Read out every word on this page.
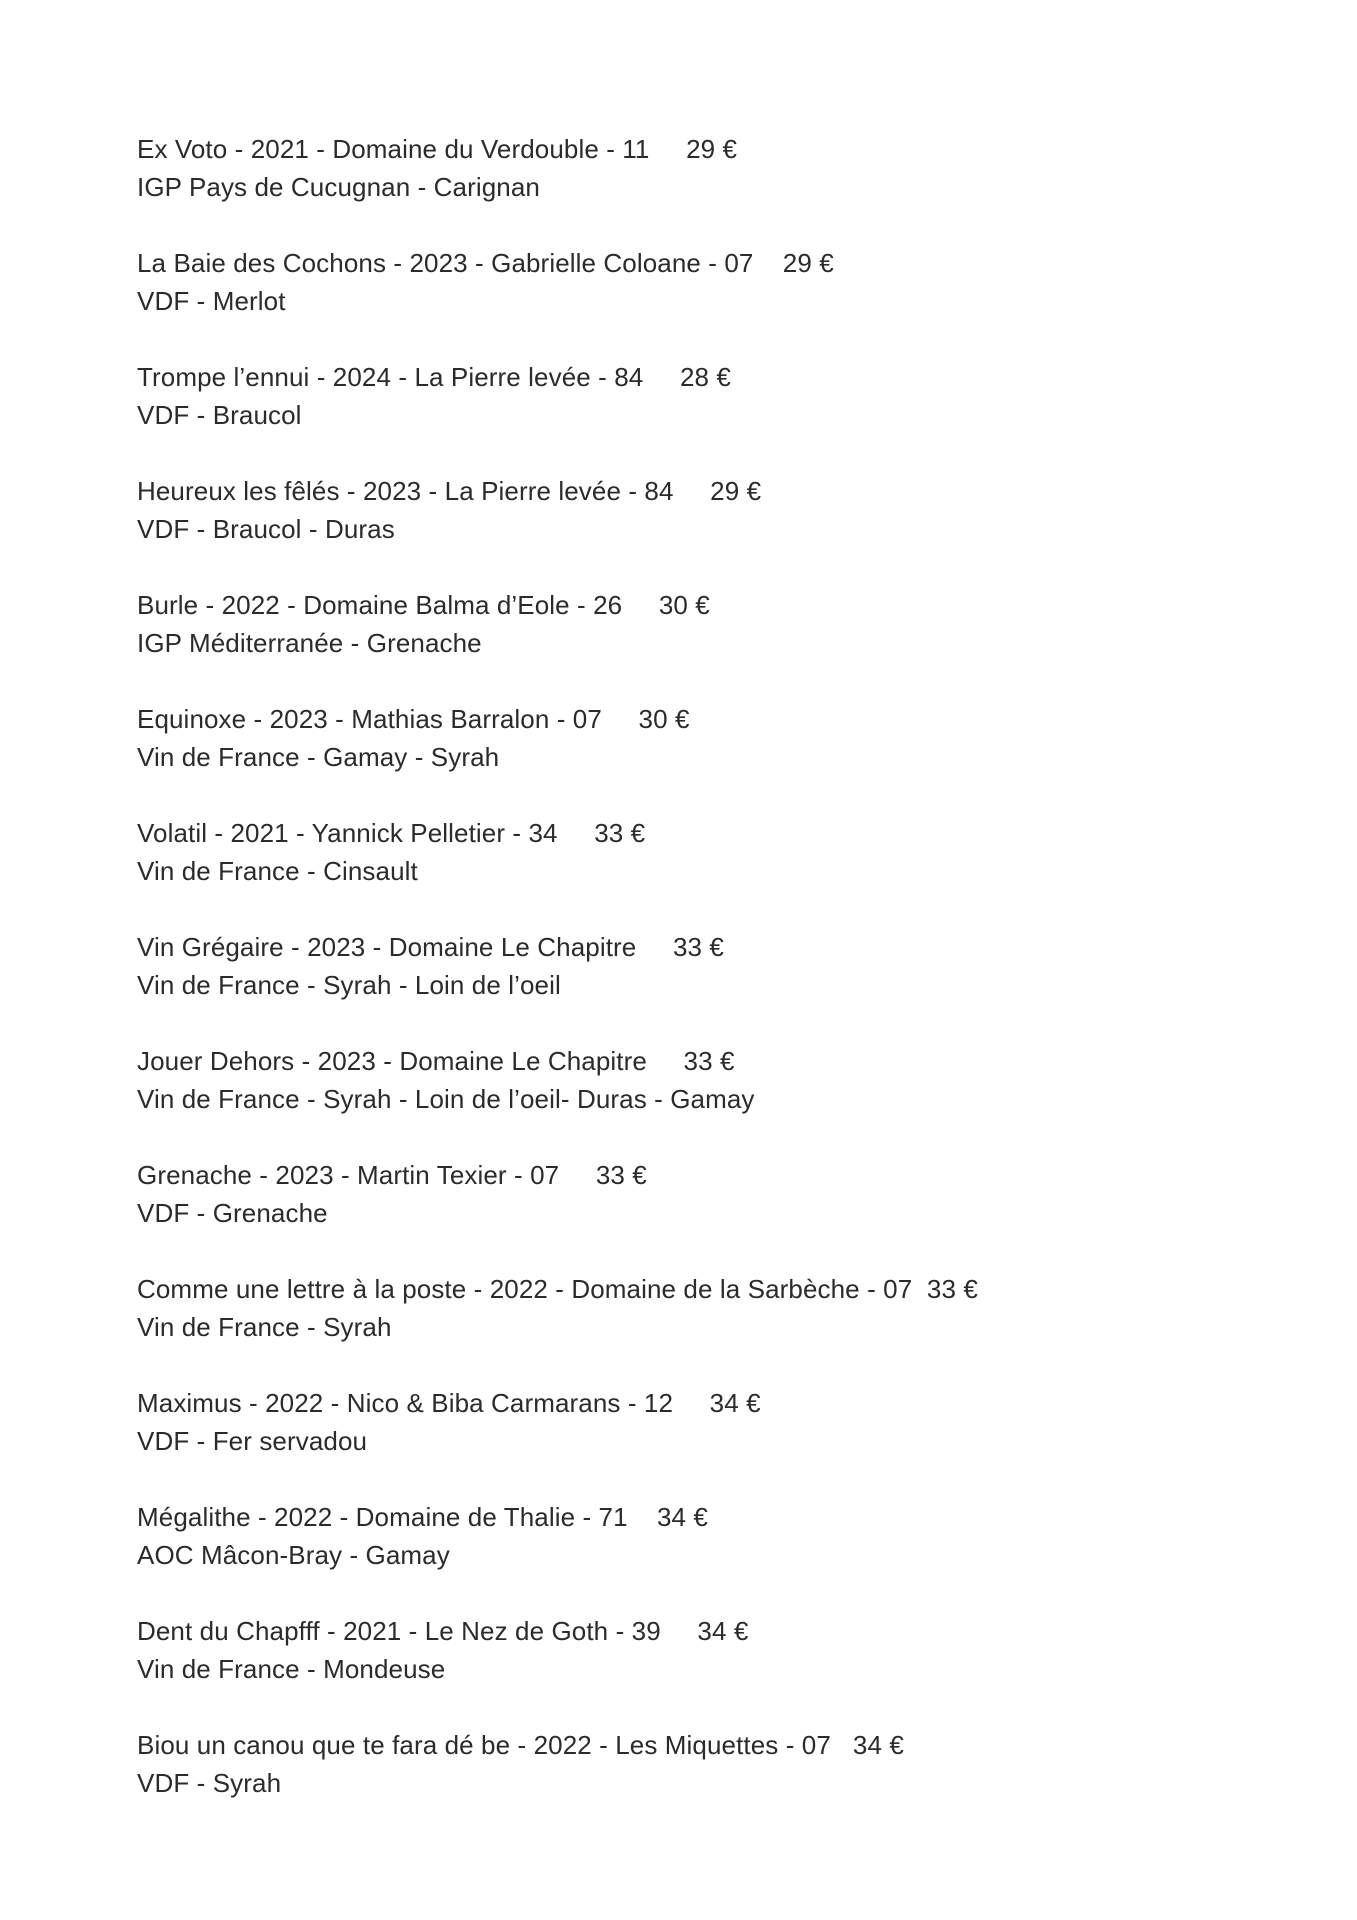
Ex Voto - 2021 - Domaine du Verdouble - 11     29 €
IGP Pays de Cucugnan - Carignan
La Baie des Cochons - 2023 - Gabrielle Coloane - 07    29 €
VDF - Merlot
Trompe l’ennui - 2024 - La Pierre levée - 84     28 €
VDF - Braucol
Heureux les fêlés - 2023 - La Pierre levée - 84     29 €
VDF - Braucol - Duras
Burle - 2022 - Domaine Balma d’Eole - 26     30 €
IGP Méditerranée - Grenache
Equinoxe - 2023 - Mathias Barralon - 07     30 €
Vin de France - Gamay - Syrah
Volatil - 2021 - Yannick Pelletier - 34     33 €
Vin de France - Cinsault
Vin Grégaire - 2023 - Domaine Le Chapitre     33 €
Vin de France - Syrah - Loin de l’oeil
Jouer Dehors - 2023 - Domaine Le Chapitre     33 €
Vin de France - Syrah - Loin de l’oeil- Duras - Gamay
Grenache - 2023 - Martin Texier - 07     33 €
VDF - Grenache
Comme une lettre à la poste - 2022 - Domaine de la Sarbèche - 07  33 €
Vin de France - Syrah
Maximus - 2022 - Nico & Biba Carmarans - 12     34 €
VDF - Fer servadou
Mégalithe - 2022 - Domaine de Thalie - 71    34 €
AOC Mâcon-Bray - Gamay
Dent du Chapfff - 2021 - Le Nez de Goth - 39     34 €
Vin de France - Mondeuse
Biou un canou que te fara dé be - 2022 - Les Miquettes - 07   34 €
VDF - Syrah
